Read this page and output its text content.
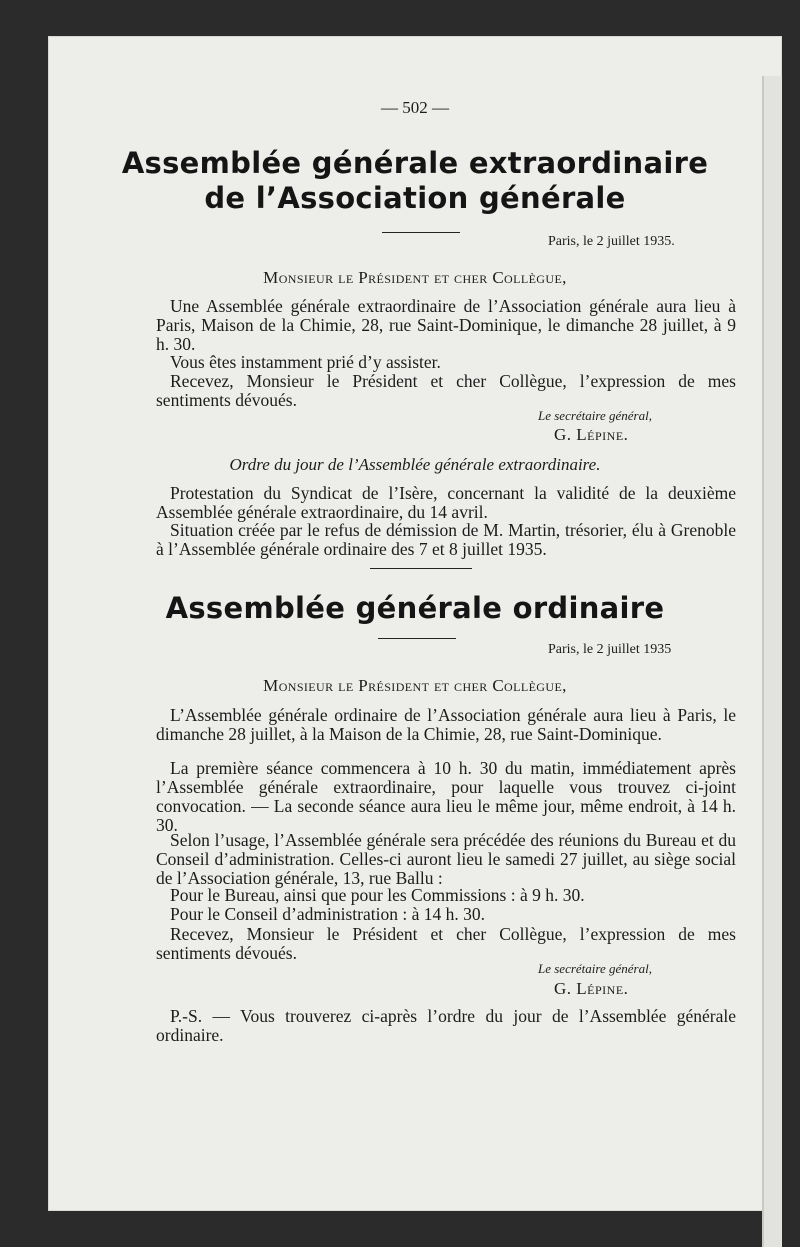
— 502 —
Assemblée générale extraordinaire
de l’Association générale
Paris, le 2 juillet 1935.
Monsieur le Président et cher Collègue,

Une Assemblée générale extraordinaire de l’Association générale aura lieu à Paris, Maison de la Chimie, 28, rue Saint-Dominique, le dimanche 28 juillet, à 9 h. 30.

Vous êtes instamment prié d’y assister.

Recevez, Monsieur le Président et cher Collègue, l’expression de mes sentiments dévoués.

Le secrétaire général,
G. Lépine.
Ordre du jour de l’Assemblée générale extraordinaire.

Protestation du Syndicat de l’Isère, concernant la validité de la deuxième Assemblée générale extraordinaire, du 14 avril.

Situation créée par le refus de démission de M. Martin, trésorier, élu à Grenoble à l’Assemblée générale ordinaire des 7 et 8 juillet 1935.

Assemblée générale ordinaire
Paris, le 2 juillet 1935
Monsieur le Président et cher Collègue,

L’Assemblée générale ordinaire de l’Association générale aura lieu à Paris, le dimanche 28 juillet, à la Maison de la Chimie, 28, rue Saint-Dominique.

La première séance commencera à 10 h. 30 du matin, immédiatement après l’Assemblée générale extraordinaire, pour laquelle vous trouvez ci-joint convocation. — La seconde séance aura lieu le même jour, même endroit, à 14 h. 30.

Selon l’usage, l’Assemblée générale sera précédée des réunions du Bureau et du Conseil d’administration. Celles-ci auront lieu le samedi 27 juillet, au siège social de l’Association générale, 13, rue Ballu :

Pour le Bureau, ainsi que pour les Commissions : à 9 h. 30.

Pour le Conseil d’administration : à 14 h. 30.

Recevez, Monsieur le Président et cher Collègue, l’expression de mes sentiments dévoués.

Le secrétaire général,
G. Lépine.

P.-S. — Vous trouverez ci-après l’ordre du jour de l’Assemblée générale ordinaire.
